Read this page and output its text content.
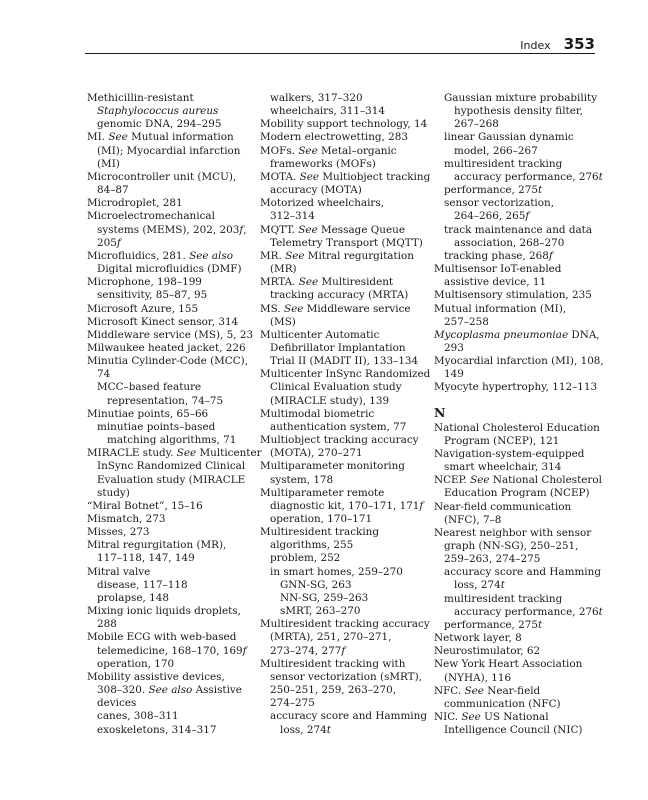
Index 353
Methicillin-resistant
Staphylococcus aureus
genomic DNA, 294–295
MI. See Mutual information
(MI); Myocardial infarction
(MI)
Microcontroller unit (MCU),
84–87
Microdroplet, 281
Microelectromechanical
systems (MEMS), 202, 203f,
205f
Microfluidics, 281. See also
Digital microfluidics (DMF)
Microphone, 198–199
sensitivity, 85–87, 95
Microsoft Azure, 155
Microsoft Kinect sensor, 314
Middleware service (MS), 5, 23
Milwaukee heated jacket, 226
Minutia Cylinder-Code (MCC),
74
MCC–based feature
representation, 74–75
Minutiae points, 65–66
minutiae points–based
matching algorithms, 71
MIRACLE study. See Multicenter
InSync Randomized Clinical
Evaluation study (MIRACLE
study)
“Miral Botnet”, 15–16
Mismatch, 273
Misses, 273
Mitral regurgitation (MR),
117–118, 147, 149
Mitral valve
disease, 117–118
prolapse, 148
Mixing ionic liquids droplets,
288
Mobile ECG with web-based
telemedicine, 168–170, 169f
operation, 170
Mobility assistive devices,
308–320. See also Assistive
devices
canes, 308–311
exoskeletons, 314–317
walkers, 317–320
wheelchairs, 311–314
Mobility support technology, 14
Modern electrowetting, 283
MOFs. See Metal–organic
frameworks (MOFs)
MOTA. See Multiobject tracking
accuracy (MOTA)
Motorized wheelchairs,
312–314
MQTT. See Message Queue
Telemetry Transport (MQTT)
MR. See Mitral regurgitation
(MR)
MRTA. See Multiresident
tracking accuracy (MRTA)
MS. See Middleware service
(MS)
Multicenter Automatic
Defibrillator Implantation
Trial II (MADIT II), 133–134
Multicenter InSync Randomized
Clinical Evaluation study
(MIRACLE study), 139
Multimodal biometric
authentication system, 77
Multiobject tracking accuracy
(MOTA), 270–271
Multiparameter monitoring
system, 178
Multiparameter remote
diagnostic kit, 170–171, 171f
operation, 170–171
Multiresident tracking
algorithms, 255
problem, 252
in smart homes, 259–270
GNN-SG, 263
NN-SG, 259–263
sMRT, 263–270
Multiresident tracking accuracy
(MRTA), 251, 270–271,
273–274, 277f
Multiresident tracking with
sensor vectorization (sMRT),
250–251, 259, 263–270,
274–275
accuracy score and Hamming
loss, 274t
Gaussian mixture probability
hypothesis density filter,
267–268
linear Gaussian dynamic
model, 266–267
multiresident tracking
accuracy performance, 276t
performance, 275t
sensor vectorization,
264–266, 265f
track maintenance and data
association, 268–270
tracking phase, 268f
Multisensor IoT-enabled
assistive device, 11
Multisensory stimulation, 235
Mutual information (MI),
257–258
Mycoplasma pneumoniae DNA,
293
Myocardial infarction (MI), 108,
149
Myocyte hypertrophy, 112–113
N
National Cholesterol Education
Program (NCEP), 121
Navigation-system-equipped
smart wheelchair, 314
NCEP. See National Cholesterol
Education Program (NCEP)
Near-field communication
(NFC), 7–8
Nearest neighbor with sensor
graph (NN-SG), 250–251,
259–263, 274–275
accuracy score and Hamming
loss, 274t
multiresident tracking
accuracy performance, 276t
performance, 275t
Network layer, 8
Neurostimulator, 62
New York Heart Association
(NYHA), 116
NFC. See Near-field
communication (NFC)
NIC. See US National
Intelligence Council (NIC)
